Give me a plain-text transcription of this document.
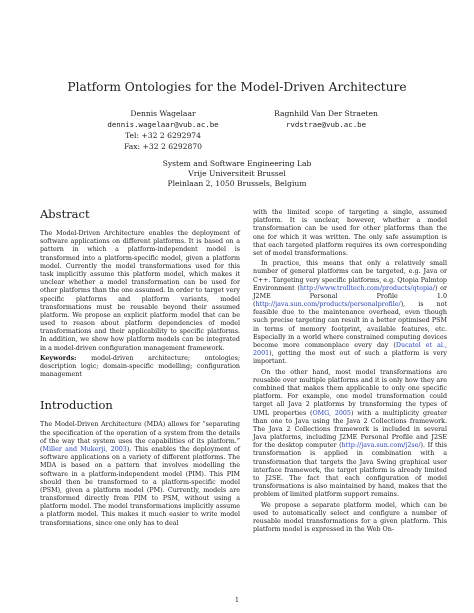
Platform Ontologies for the Model-Driven Architecture
Dennis Wagelaar
dennis.wagelaar@vub.ac.be
Tel: +32 2 6292974
Fax: +32 2 6292870
Ragnhild Van Der Straeten
rvdstrae@vub.ac.be
System and Software Engineering Lab
Vrije Universiteit Brussel
Pleinlaan 2, 1050 Brussels, Belgium
Abstract

The Model-Driven Architecture enables the deployment of software applications on different platforms. It is based on a pattern in which a platform-independent model is transformed into a platform-specific model, given a platform model. Currently the model transformations used for this task implicitly assume this platform model, which makes it unclear whether a model transformation can be used for other platforms than the one assumed. In order to target very specific platforms and platform variants, model transformations must be reusable beyond their assumed platform. We propose an explicit platform model that can be used to reason about platform dependencies of model transformations and their applicability to specific platforms. In addition, we show how platform models can be integrated in a model-driven configuration management framework.

Keywords: model-driven architecture; ontologies; description logic; domain-specific modelling; configuration management

Introduction

The Model-Driven Architecture (MDA) allows for “separating the specification of the operation of a system from the details of the way that system uses the capabilities of its platform.” (Miller and Mukerji, 2003). This enables the deployment of software applications on a variety of different platforms. The MDA is based on a pattern that involves modelling the software in a platform-independent model (PIM). This PIM should then be transformed to a platform-specific model (PSM), given a platform model (PM). Currently, models are transformed directly from PIM to PSM, without using a platform model. The model transformations implicitly assume a platform model. This makes it much easier to write model transformations, since one only has to deal

with the limited scope of targeting a single, assumed platform. It is unclear, however, whether a model transformation can be used for other platforms than the one for which it was written. The only safe assumption is that each targeted platform requires its own corresponding set of model transformations.

In practice, this means that only a relatively small number of general platforms can be targeted, e.g. Java or C++. Targeting very specific platforms, e.g. Qtopia Palmtop Environment (http://www.trolltech.com/products/qtopia/) or J2ME Personal Profile 1.0 (http://java.sun.com/products/personalprofile/), is not feasible due to the maintenance overhead, even though such precise targeting can result in a better optimised PSM in terms of memory footprint, available features, etc. Especially in a world where constrained computing devices become more commonplace every day (Ducatel et al., 2001), getting the most out of such a platform is very important.

On the other hand, most model transformations are reusable over multiple platforms and it is only how they are combined that makes them applicable to only one specific platform. For example, one model transformation could target all Java 2 platforms by transforming the types of UML properties (OMG, 2005) with a multiplicity greater than one to Java using the Java 2 Collections framework. The Java 2 Collections framework is included in several Java platforms, including J2ME Personal Profile and J2SE for the desktop computer (http://java.sun.com/j2se/). If this transformation is applied in combination with a transformation that targets the Java Swing graphical user interface framework, the target platform is already limited to J2SE. The fact that each configuration of model transformations is also maintained by hand, makes that the problem of limited platform support remains.

We propose a separate platform model, which can be used to automatically select and configure a number of reusable model transformations for a given platform. This platform model is expressed in the Web On-

1
